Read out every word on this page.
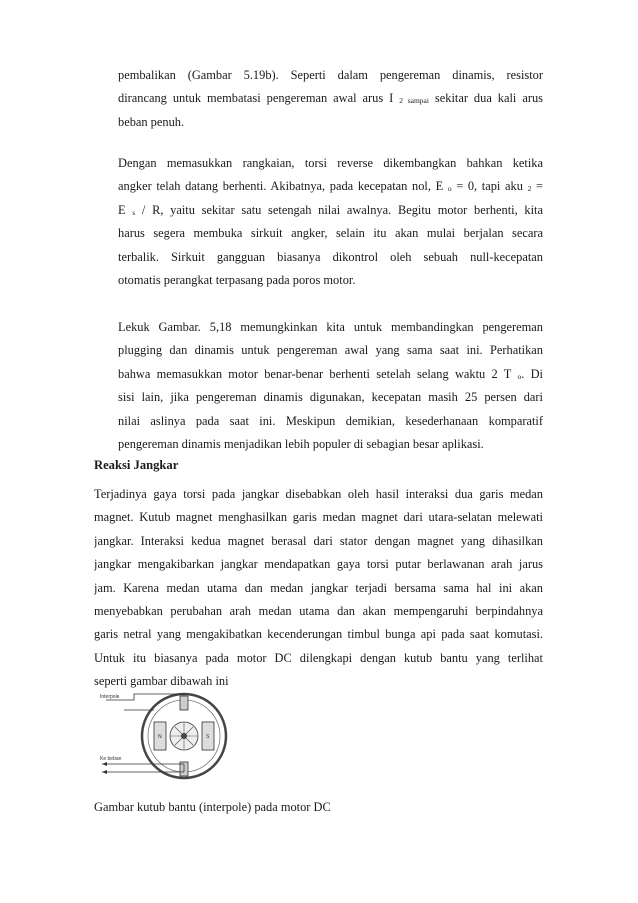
pembalikan (Gambar 5.19b). Seperti dalam pengereman dinamis, resistor
dirancang untuk membatasi pengereman awal arus I 2 sampai sekitar dua kali arus
beban penuh.
Dengan memasukkan rangkaian, torsi reverse dikembangkan bahkan ketika
angker telah datang berhenti. Akibatnya, pada kecepatan nol, E o = 0, tapi aku 2 =
E s / R, yaitu sekitar satu setengah nilai awalnya. Begitu motor berhenti, kita
harus segera membuka sirkuit angker, selain itu akan mulai berjalan secara
terbalik. Sirkuit gangguan biasanya dikontrol oleh sebuah null-kecepatan
otomatis perangkat terpasang pada poros motor.
Lekuk Gambar. 5,18 memungkinkan kita untuk membandingkan pengereman
plugging dan dinamis untuk pengereman awal yang sama saat ini. Perhatikan
bahwa memasukkan motor benar-benar berhenti setelah selang waktu 2 T o. Di
sisi lain, jika pengereman dinamis digunakan, kecepatan masih 25 persen dari
nilai aslinya pada saat ini. Meskipun demikian, kesederhanaan komparatif
pengereman dinamis menjadikan lebih populer di sebagian besar aplikasi.
Reaksi Jangkar
Terjadinya gaya torsi pada jangkar disebabkan oleh hasil interaksi dua garis medan
magnet. Kutub magnet menghasilkan garis medan magnet dari utara-selatan melewati
jangkar. Interaksi kedua magnet berasal dari stator dengan magnet yang dihasilkan
jangkar mengakibarkan jangkar mendapatkan gaya torsi putar berlawanan arah jarus
jam. Karena medan utama dan medan jangkar terjadi bersama sama hal ini akan
menyebabkan perubahan arah medan utama dan akan mempengaruhi berpindahnya
garis netral yang mengakibatkan kecenderungan timbul bunga api pada saat komutasi.
Untuk itu biasanya pada motor DC dilengkapi dengan kutub bantu yang terlihat
seperti gambar dibawah ini
N	S
Interpole
Ke beban
Gambar kutub bantu (interpole) pada motor DC
